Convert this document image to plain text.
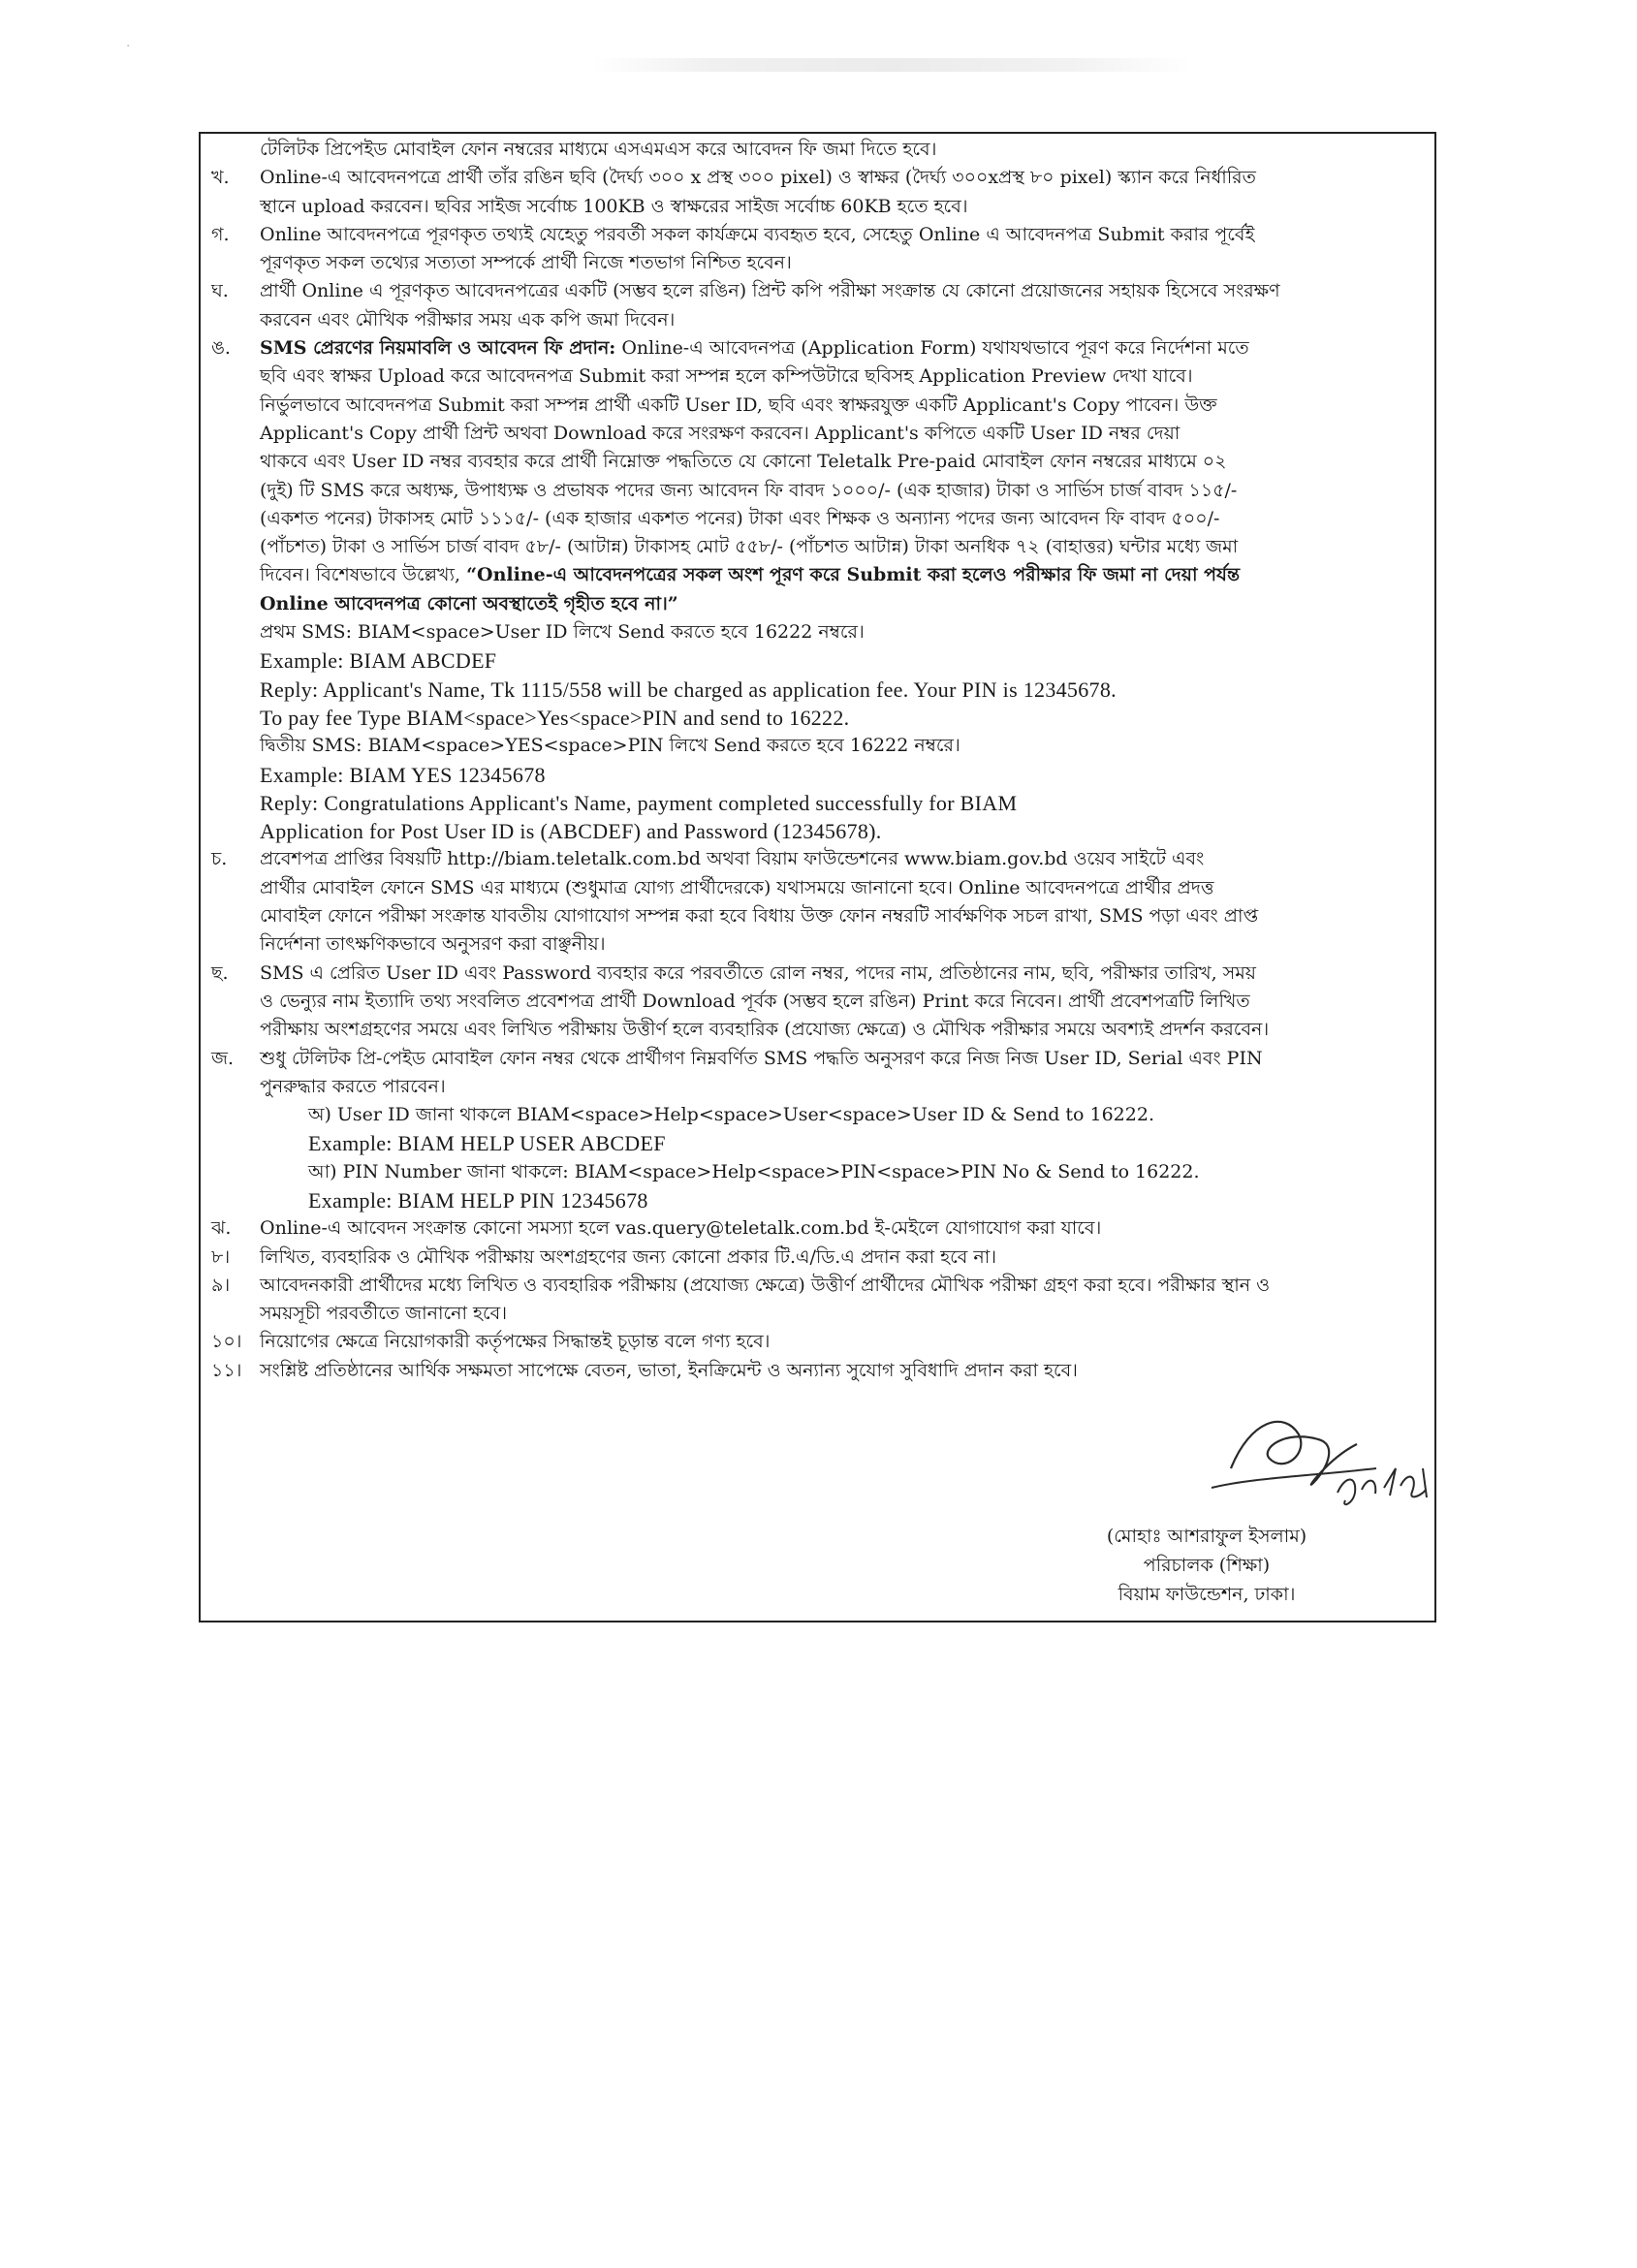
·
টেলিটক প্রিপেইড মোবাইল ফোন নম্বরের মাধ্যমে এসএমএস করে আবেদন ফি জমা দিতে হবে।
খ. Online-এ আবেদনপত্রে প্রার্থী তাঁর রঙিন ছবি (দৈর্ঘ্য ৩০০ x প্রস্থ ৩০০ pixel) ও স্বাক্ষর (দৈর্ঘ্য ৩০০xপ্রস্থ ৮০ pixel) স্ক্যান করে নির্ধারিত
স্থানে upload করবেন। ছবির সাইজ সর্বোচ্চ 100KB ও স্বাক্ষরের সাইজ সর্বোচ্চ 60KB হতে হবে।
গ. Online আবেদনপত্রে পূরণকৃত তথ্যই যেহেতু পরবর্তী সকল কার্যক্রমে ব্যবহৃত হবে, সেহেতু Online এ আবেদনপত্র Submit করার পূর্বেই
পূরণকৃত সকল তথ্যের সত্যতা সম্পর্কে প্রার্থী নিজে শতভাগ নিশ্চিত হবেন।
ঘ. প্রার্থী Online এ পূরণকৃত আবেদনপত্রের একটি (সম্ভব হলে রঙিন) প্রিন্ট কপি পরীক্ষা সংক্রান্ত যে কোনো প্রয়োজনের সহায়ক হিসেবে সংরক্ষণ
করবেন এবং মৌখিক পরীক্ষার সময় এক কপি জমা দিবেন।
ঙ. SMS প্রেরণের নিয়মাবলি ও আবেদন ফি প্রদান: Online-এ আবেদনপত্র (Application Form) যথাযথভাবে পূরণ করে নির্দেশনা মতে
ছবি এবং স্বাক্ষর Upload করে আবেদনপত্র Submit করা সম্পন্ন হলে কম্পিউটারে ছবিসহ Application Preview দেখা যাবে।
নির্ভুলভাবে আবেদনপত্র Submit করা সম্পন্ন প্রার্থী একটি User ID, ছবি এবং স্বাক্ষরযুক্ত একটি Applicant's Copy পাবেন। উক্ত
Applicant's Copy প্রার্থী প্রিন্ট অথবা Download করে সংরক্ষণ করবেন। Applicant's কপিতে একটি User ID নম্বর দেয়া
থাকবে এবং User ID নম্বর ব্যবহার করে প্রার্থী নিম্নোক্ত পদ্ধতিতে যে কোনো Teletalk Pre-paid মোবাইল ফোন নম্বরের মাধ্যমে ০২
(দুই) টি SMS করে অধ্যক্ষ, উপাধ্যক্ষ ও প্রভাষক পদের জন্য আবেদন ফি বাবদ ১০০০/- (এক হাজার) টাকা ও সার্ভিস চার্জ বাবদ ১১৫/-
(একশত পনের) টাকাসহ মোট ১১১৫/- (এক হাজার একশত পনের) টাকা এবং শিক্ষক ও অন্যান্য পদের জন্য আবেদন ফি বাবদ ৫০০/-
(পাঁচশত) টাকা ও সার্ভিস চার্জ বাবদ ৫৮/- (আটান্ন) টাকাসহ মোট ৫৫৮/- (পাঁচশত আটান্ন) টাকা অনধিক ৭২ (বাহাত্তর) ঘন্টার মধ্যে জমা
দিবেন। বিশেষভাবে উল্লেখ্য, “Online-এ আবেদনপত্রের সকল অংশ পূরণ করে Submit করা হলেও পরীক্ষার ফি জমা না দেয়া পর্যন্ত
Online আবেদনপত্র কোনো অবস্থাতেই গৃহীত হবে না।”
প্রথম SMS: BIAM<space>User ID লিখে Send করতে হবে 16222 নম্বরে।
Example: BIAM ABCDEF
Reply: Applicant's Name, Tk 1115/558 will be charged as application fee. Your PIN is 12345678.
To pay fee Type BIAM<space>Yes<space>PIN and send to 16222.
দ্বিতীয় SMS: BIAM<space>YES<space>PIN লিখে Send করতে হবে 16222 নম্বরে।
Example: BIAM YES 12345678
Reply: Congratulations Applicant's Name, payment completed successfully for BIAM
Application for Post User ID is (ABCDEF) and Password (12345678).
চ. প্রবেশপত্র প্রাপ্তির বিষয়টি http://biam.teletalk.com.bd অথবা বিয়াম ফাউন্ডেশনের www.biam.gov.bd ওয়েব সাইটে এবং
প্রার্থীর মোবাইল ফোনে SMS এর মাধ্যমে (শুধুমাত্র যোগ্য প্রার্থীদেরকে) যথাসময়ে জানানো হবে। Online আবেদনপত্রে প্রার্থীর প্রদত্ত
মোবাইল ফোনে পরীক্ষা সংক্রান্ত যাবতীয় যোগাযোগ সম্পন্ন করা হবে বিধায় উক্ত ফোন নম্বরটি সার্বক্ষণিক সচল রাখা, SMS পড়া এবং প্রাপ্ত
নির্দেশনা তাৎক্ষণিকভাবে অনুসরণ করা বাঞ্ছনীয়।
ছ. SMS এ প্রেরিত User ID এবং Password ব্যবহার করে পরবর্তীতে রোল নম্বর, পদের নাম, প্রতিষ্ঠানের নাম, ছবি, পরীক্ষার তারিখ, সময়
ও ভেন্যুর নাম ইত্যাদি তথ্য সংবলিত প্রবেশপত্র প্রার্থী Download পূর্বক (সম্ভব হলে রঙিন) Print করে নিবেন। প্রার্থী প্রবেশপত্রটি লিখিত
পরীক্ষায় অংশগ্রহণের সময়ে এবং লিখিত পরীক্ষায় উত্তীর্ণ হলে ব্যবহারিক (প্রযোজ্য ক্ষেত্রে) ও মৌখিক পরীক্ষার সময়ে অবশ্যই প্রদর্শন করবেন।
জ. শুধু টেলিটক প্রি-পেইড মোবাইল ফোন নম্বর থেকে প্রার্থীগণ নিম্নবর্ণিত SMS পদ্ধতি অনুসরণ করে নিজ নিজ User ID, Serial এবং PIN
পুনরুদ্ধার করতে পারবেন।
অ) User ID জানা থাকলে BIAM<space>Help<space>User<space>User ID & Send to 16222.
Example: BIAM HELP USER ABCDEF
আ) PIN Number জানা থাকলে: BIAM<space>Help<space>PIN<space>PIN No & Send to 16222.
Example: BIAM HELP PIN 12345678
ঝ. Online-এ আবেদন সংক্রান্ত কোনো সমস্যা হলে vas.query@teletalk.com.bd ই-মেইলে যোগাযোগ করা যাবে।
৮। লিখিত, ব্যবহারিক ও মৌখিক পরীক্ষায় অংশগ্রহণের জন্য কোনো প্রকার টি.এ/ডি.এ প্রদান করা হবে না।
৯। আবেদনকারী প্রার্থীদের মধ্যে লিখিত ও ব্যবহারিক পরীক্ষায় (প্রযোজ্য ক্ষেত্রে) উত্তীর্ণ প্রার্থীদের মৌখিক পরীক্ষা গ্রহণ করা হবে। পরীক্ষার স্থান ও
সময়সূচী পরবর্তীতে জানানো হবে।
১০। নিয়োগের ক্ষেত্রে নিয়োগকারী কর্তৃপক্ষের সিদ্ধান্তই চূড়ান্ত বলে গণ্য হবে।
১১। সংশ্লিষ্ট প্রতিষ্ঠানের আর্থিক সক্ষমতা সাপেক্ষে বেতন, ভাতা, ইনক্রিমেন্ট ও অন্যান্য সুযোগ সুবিধাদি প্রদান করা হবে।
(মোহাঃ আশরাফুল ইসলাম)
পরিচালক (শিক্ষা)
বিয়াম ফাউন্ডেশন, ঢাকা।
